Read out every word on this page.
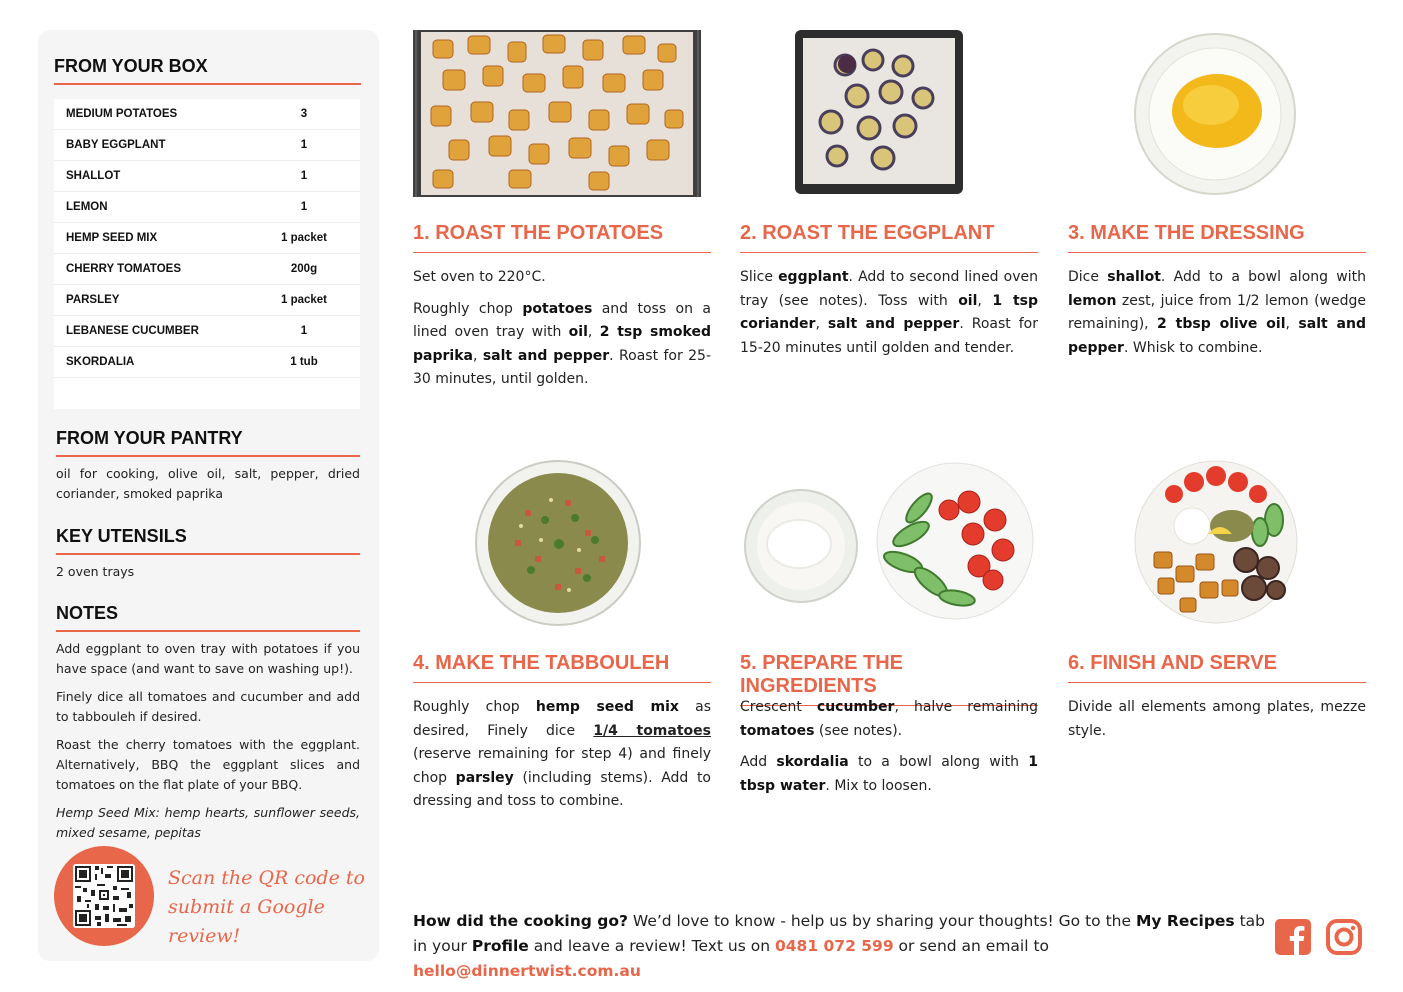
FROM YOUR BOX
MEDIUM POTATOES	3
BABY EGGPLANT	1
SHALLOT	1
LEMON	1
HEMP SEED MIX	1 packet
CHERRY TOMATOES	200g
PARSLEY	1 packet
LEBANESE CUCUMBER	1
SKORDALIA	1 tub
FROM YOUR PANTRY
oil for cooking, olive oil, salt, pepper, dried coriander, smoked paprika
KEY UTENSILS
2 oven trays
NOTES

Add eggplant to oven tray with potatoes if you have space (and want to save on washing up!).

Finely dice all tomatoes and cucumber and add to tabbouleh if desired.

Roast the cherry tomatoes with the eggplant. Alternatively, BBQ the eggplant slices and tomatoes on the flat plate of your BBQ.

Hemp Seed Mix: hemp hearts, sunflower seeds, mixed sesame, pepitas

Scan the QR code to
submit a Google review!
1. ROAST THE POTATOES

Set oven to 220°C.

Roughly chop potatoes and toss on a lined oven tray with oil, 2 tsp smoked paprika, salt and pepper. Roast for 25-30 minutes, until golden.

2. ROAST THE EGGPLANT

Slice eggplant. Add to second lined oven tray (see notes). Toss with oil, 1 tsp coriander, salt and pepper. Roast for 15-20 minutes until golden and tender.

3. MAKE THE DRESSING

Dice shallot. Add to a bowl along with lemon zest, juice from 1/2 lemon (wedge remaining), 2 tbsp olive oil, salt and pepper. Whisk to combine.

4. MAKE THE TABBOULEH

Roughly chop hemp seed mix as desired, Finely dice 1/4 tomatoes (reserve remaining for step 4) and finely chop parsley (including stems). Add to dressing and toss to combine.

5. PREPARE THE INGREDIENTS

Crescent cucumber, halve remaining tomatoes (see notes).

Add skordalia to a bowl along with 1 tbsp water. Mix to loosen.

6. FINISH AND SERVE

Divide all elements among plates, mezze style.

How did the cooking go? We’d love to know - help us by sharing your thoughts! Go to the My Recipes tab in your Profile and leave a review! Text us on 0481 072 599 or send an email to hello@dinnertwist.com.au
